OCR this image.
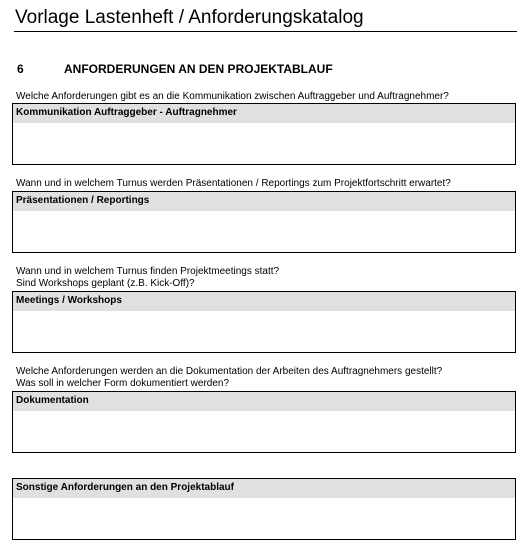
Vorlage Lastenheft / Anforderungskatalog
6	ANFORDERUNGEN AN DEN PROJEKTABLAUF
Welche Anforderungen gibt es an die Kommunikation zwischen Auftraggeber und Auftragnehmer?
Kommunikation Auftraggeber - Auftragnehmer
Wann und in welchem Turnus werden Präsentationen / Reportings zum Projektfortschritt erwartet?
Präsentationen / Reportings
Wann und in welchem Turnus finden Projektmeetings statt?
Sind Workshops geplant (z.B. Kick-Off)?
Meetings / Workshops
Welche Anforderungen werden an die Dokumentation der Arbeiten des Auftragnehmers gestellt?
Was soll in welcher Form dokumentiert werden?
Dokumentation
Sonstige Anforderungen an den Projektablauf
